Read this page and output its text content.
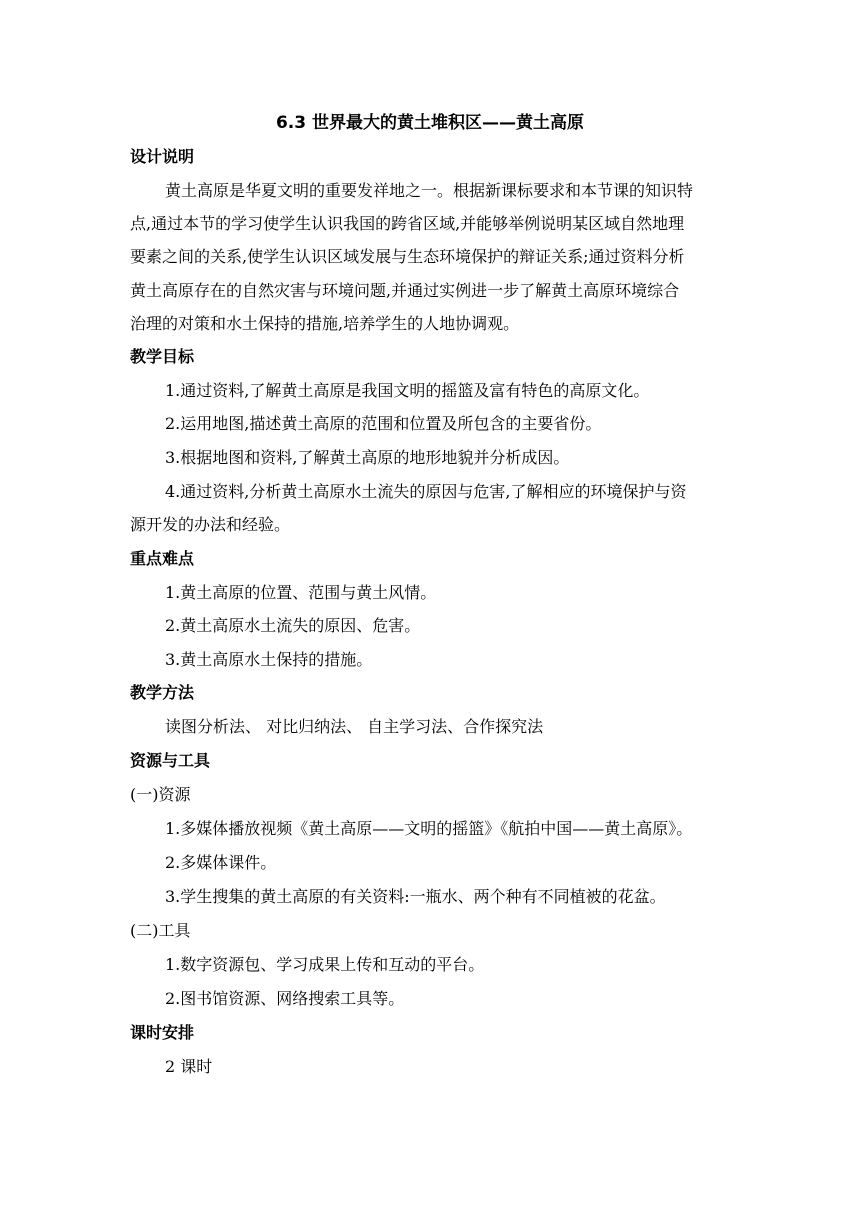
6.3 世界最大的黄土堆积区——黄土高原
设计说明
黄土高原是华夏文明的重要发祥地之一。根据新课标要求和本节课的知识特
点,通过本节的学习使学生认识我国的跨省区域,并能够举例说明某区域自然地理
要素之间的关系,使学生认识区域发展与生态环境保护的辩证关系;通过资料分析
黄土高原存在的自然灾害与环境问题,并通过实例进一步了解黄土高原环境综合
治理的对策和水土保持的措施,培养学生的人地协调观。
教学目标
1.通过资料,了解黄土高原是我国文明的摇篮及富有特色的高原文化。
2.运用地图,描述黄土高原的范围和位置及所包含的主要省份。
3.根据地图和资料,了解黄土高原的地形地貌并分析成因。
4.通过资料,分析黄土高原水土流失的原因与危害,了解相应的环境保护与资
源开发的办法和经验。
重点难点
1.黄土高原的位置、范围与黄土风情。
2.黄土高原水土流失的原因、危害。
3.黄土高原水土保持的措施。
教学方法
读图分析法、 对比归纳法、 自主学习法、合作探究法
资源与工具
(一)资源
1.多媒体播放视频《黄土高原——文明的摇篮》《航拍中国——黄土高原》。
2.多媒体课件。
3.学生搜集的黄土高原的有关资料:一瓶水、两个种有不同植被的花盆。
(二)工具
1.数字资源包、学习成果上传和互动的平台。
2.图书馆资源、网络搜索工具等。
课时安排
2 课时
